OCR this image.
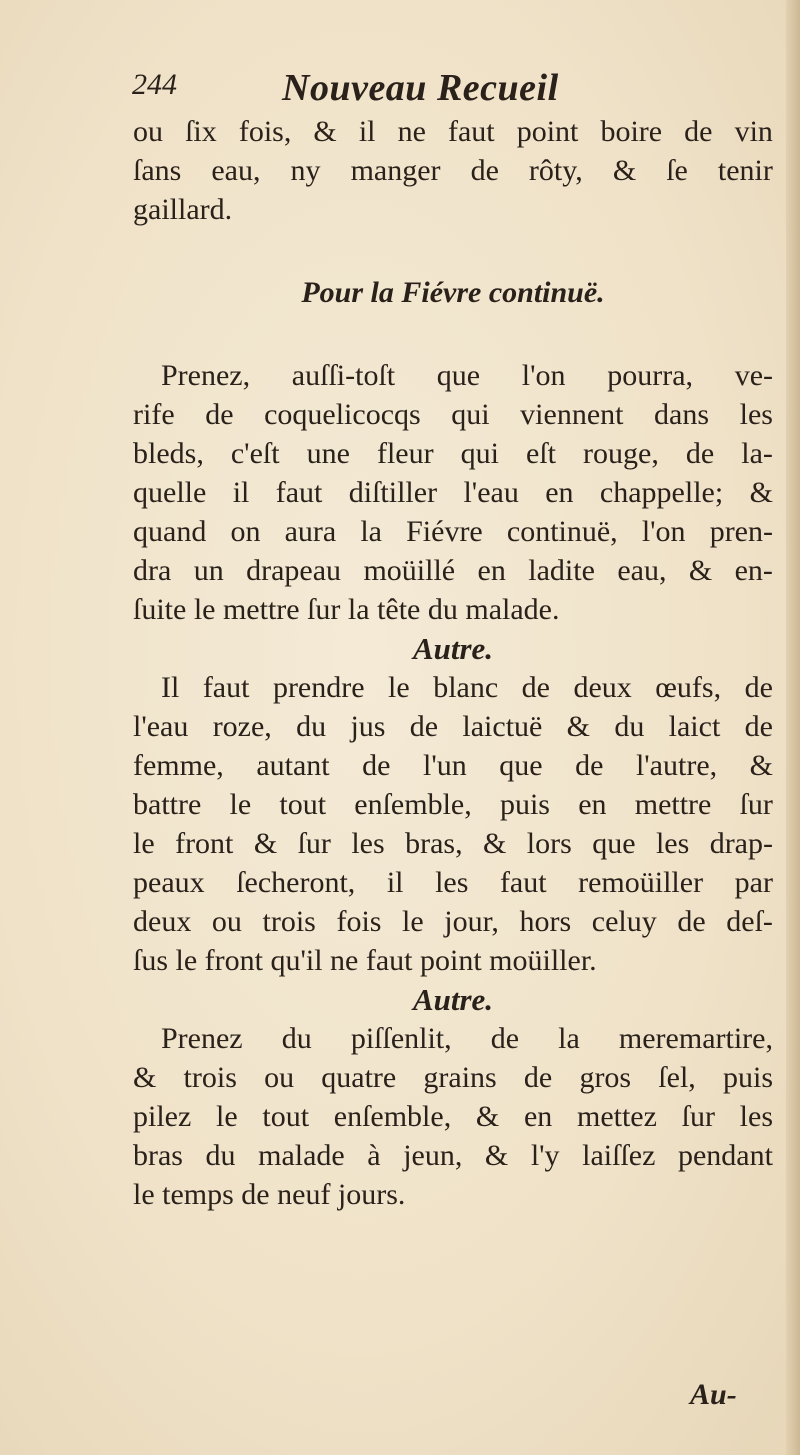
244	Nouveau Recueil
ou ſix fois, & il ne faut point boire de vin
ſans eau, ny manger de rôty, & ſe tenir
gaillard.
Pour la Fiévre continuë.
Prenez, auſſi-toſt que l'on pourra, ve-
rife de coquelicocqs qui viennent dans les
bleds, c'eſt une fleur qui eſt rouge, de la-
quelle il faut diſtiller l'eau en chappelle; &
quand on aura la Fiévre continuë, l'on pren-
dra un drapeau moüillé en ladite eau, & en-
ſuite le mettre ſur la tête du malade.
Autre.
Il faut prendre le blanc de deux œufs, de
l'eau roze, du jus de laictuë & du laict de
femme, autant de l'un que de l'autre, &
battre le tout enſemble, puis en mettre ſur
le front & ſur les bras, & lors que les drap-
peaux ſecheront, il les faut remoüiller par
deux ou trois fois le jour, hors celuy de deſ-
ſus le front qu'il ne faut point moüiller.
Autre.
Prenez du piſſenlit, de la meremartire,
& trois ou quatre grains de gros ſel, puis
pilez le tout enſemble, & en mettez ſur les
bras du malade à jeun, & l'y laiſſez pendant
le temps de neuf jours.
Au-
